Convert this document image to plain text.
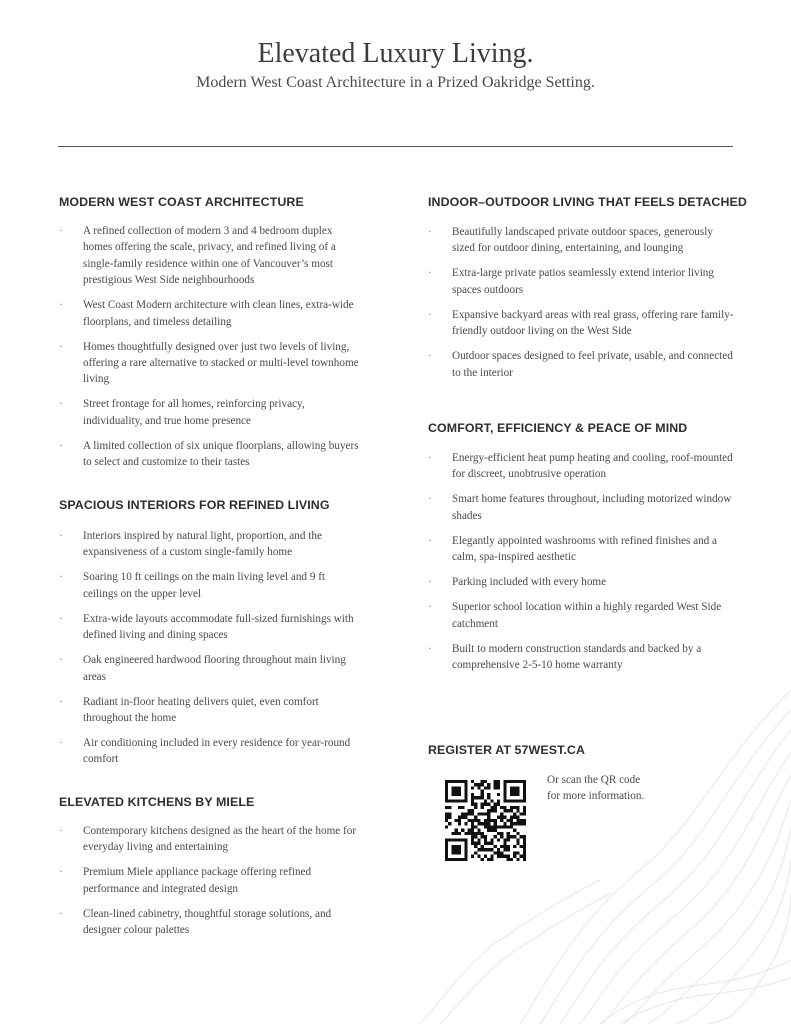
Elevated Luxury Living.

Modern West Coast Architecture in a Prized Oakridge Setting.

MODERN WEST COAST ARCHITECTURE
· A refined collection of modern 3 and 4 bedroom duplex homes offering the scale, privacy, and refined living of a single-family residence within one of Vancouver’s most prestigious West Side neighbourhoods
· West Coast Modern architecture with clean lines, extra-wide floorplans, and timeless detailing
· Homes thoughtfully designed over just two levels of living, offering a rare alternative to stacked or multi-level townhome living
· Street frontage for all homes, reinforcing privacy, individuality, and true home presence
· A limited collection of six unique floorplans, allowing buyers to select and customize to their tastes
SPACIOUS INTERIORS FOR REFINED LIVING
· Interiors inspired by natural light, proportion, and the expansiveness of a custom single-family home
· Soaring 10 ft ceilings on the main living level and 9 ft ceilings on the upper level
· Extra-wide layouts accommodate full-sized furnishings with defined living and dining spaces
· Oak engineered hardwood flooring throughout main living areas
· Radiant in-floor heating delivers quiet, even comfort throughout the home
· Air conditioning included in every residence for year-round comfort
ELEVATED KITCHENS BY MIELE
· Contemporary kitchens designed as the heart of the home for everyday living and entertaining
· Premium Miele appliance package offering refined performance and integrated design
· Clean-lined cabinetry, thoughtful storage solutions, and designer colour palettes
INDOOR–OUTDOOR LIVING THAT FEELS DETACHED
· Beautifully landscaped private outdoor spaces, generously sized for outdoor dining, entertaining, and lounging
· Extra-large private patios seamlessly extend interior living spaces outdoors
· Expansive backyard areas with real grass, offering rare family-friendly outdoor living on the West Side
· Outdoor spaces designed to feel private, usable, and connected to the interior
COMFORT, EFFICIENCY & PEACE OF MIND
· Energy-efficient heat pump heating and cooling, roof-mounted for discreet, unobtrusive operation
· Smart home features throughout, including motorized window shades
· Elegantly appointed washrooms with refined finishes and a calm, spa-inspired aesthetic
· Parking included with every home
· Superior school location within a highly regarded West Side catchment
· Built to modern construction standards and backed by a comprehensive 2-5-10 home warranty
REGISTER AT 57WEST.CA
Or scan the QR code
for more information.
